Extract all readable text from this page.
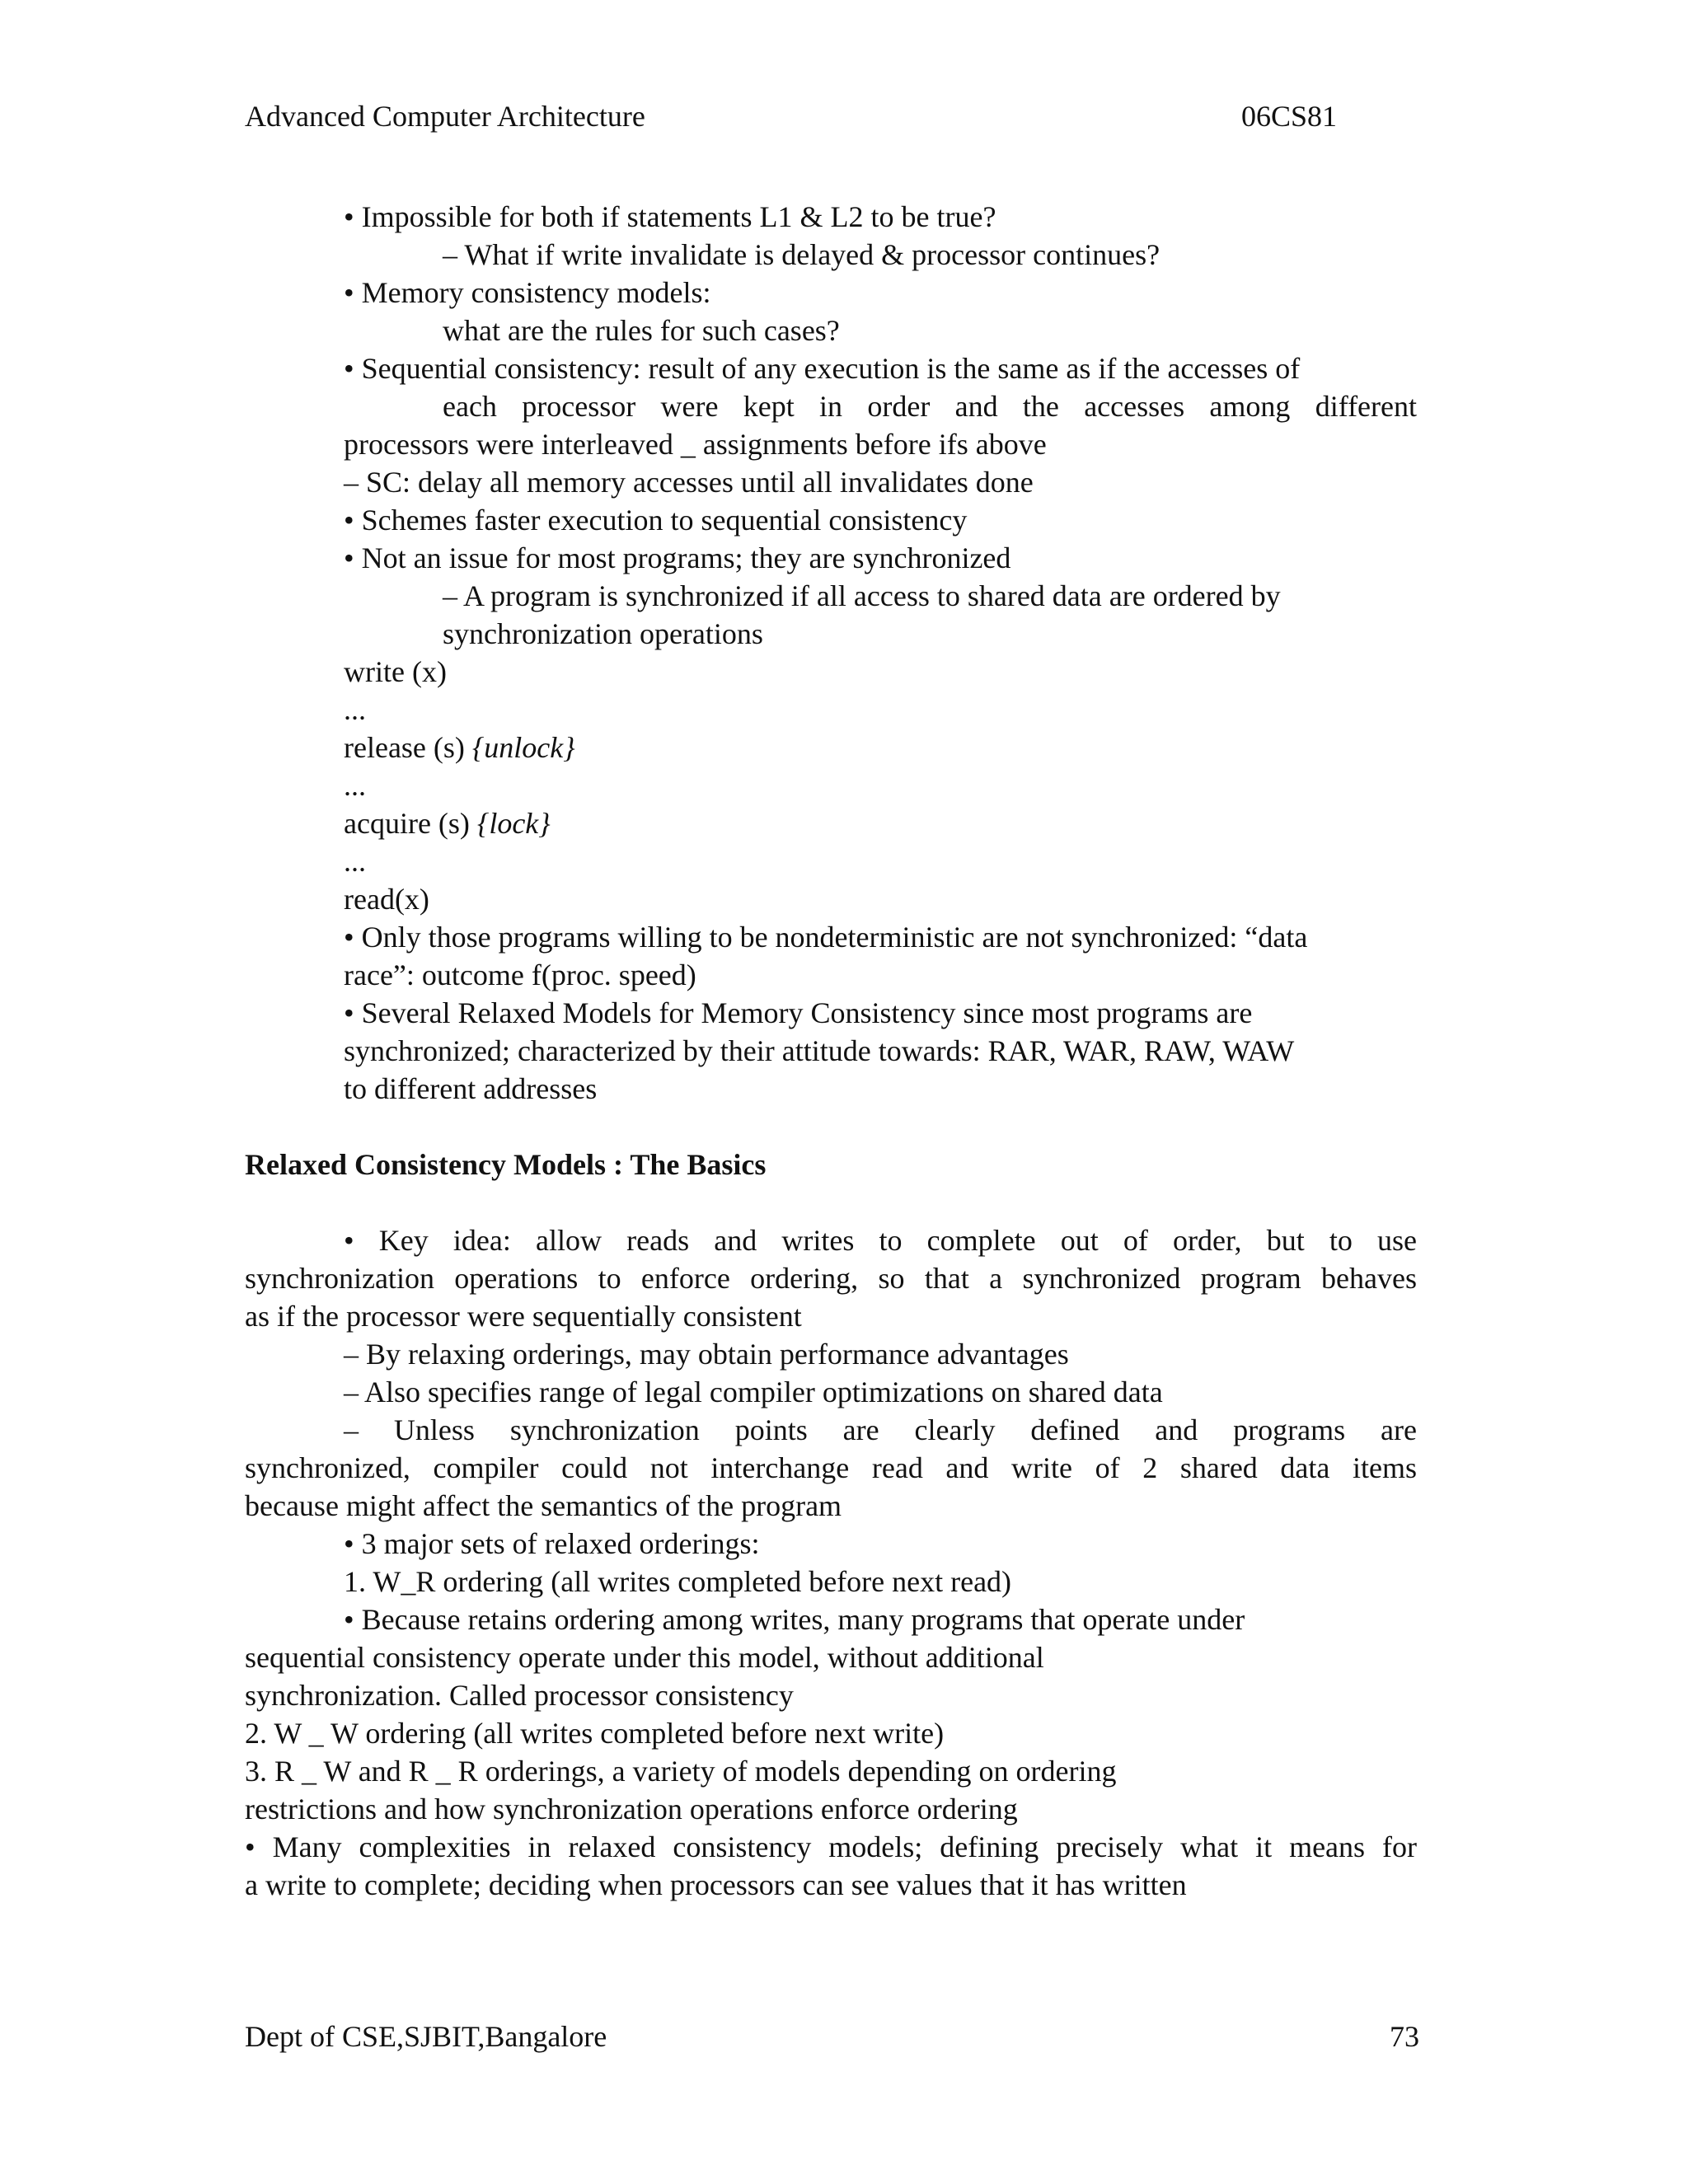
Advanced Computer Architecture	06CS81
• Impossible for both if statements L1 & L2 to be true?
– What if write invalidate is delayed & processor continues?
• Memory consistency models:
what are the rules for such cases?
• Sequential consistency: result of any execution is the same as if the accesses of
each processor were kept in order and the accesses among different
processors were interleaved _ assignments before ifs above
– SC: delay all memory accesses until all invalidates done
• Schemes faster execution to sequential consistency
• Not an issue for most programs; they are synchronized
– A program is synchronized if all access to shared data are ordered by
synchronization operations
write (x)
...
release (s) {unlock}
...
acquire (s) {lock}
...
read(x)
• Only those programs willing to be nondeterministic are not synchronized: “data
race”: outcome f(proc. speed)
• Several Relaxed Models for Memory Consistency since most programs are
synchronized; characterized by their attitude towards: RAR, WAR, RAW, WAW
to different addresses
Relaxed Consistency Models : The Basics
• Key idea: allow reads and writes to complete out of order, but to use
synchronization operations to enforce ordering, so that a synchronized program behaves
as if the processor were sequentially consistent
– By relaxing orderings, may obtain performance advantages
– Also specifies range of legal compiler optimizations on shared data
– Unless synchronization points are clearly defined and programs are
synchronized, compiler could not interchange read and write of 2 shared data items
because might affect the semantics of the program
• 3 major sets of relaxed orderings:
1. W_R ordering (all writes completed before next read)
• Because retains ordering among writes, many programs that operate under
sequential consistency operate under this model, without additional
synchronization. Called processor consistency
2. W _ W ordering (all writes completed before next write)
3. R _ W and R _ R orderings, a variety of models depending on ordering
restrictions and how synchronization operations enforce ordering
• Many complexities in relaxed consistency models; defining precisely what it means for
a write to complete; deciding when processors can see values that it has written
Dept of CSE,SJBIT,Bangalore	73
